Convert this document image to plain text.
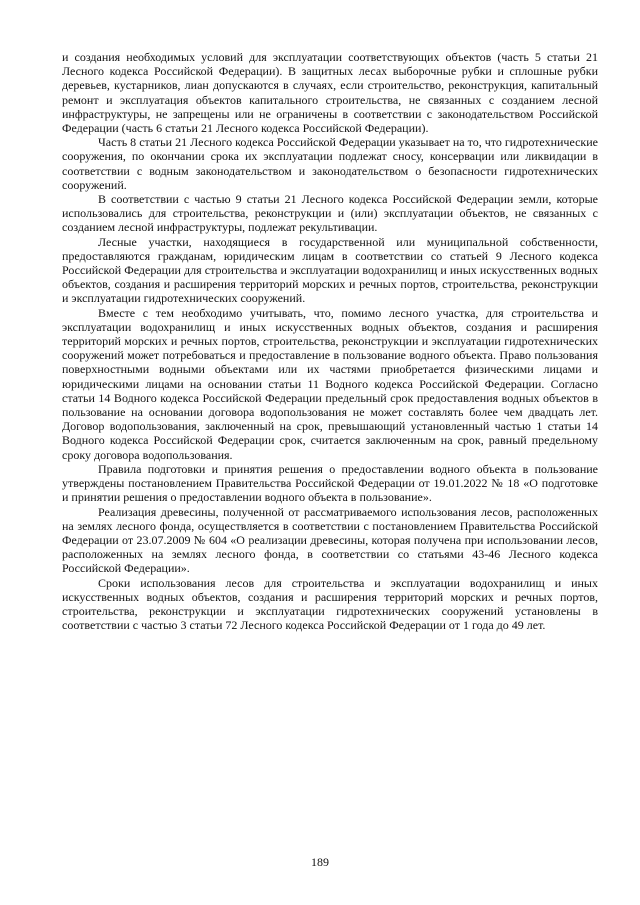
и создания необходимых условий для эксплуатации соответствующих объектов (часть 5 статьи 21 Лесного кодекса Российской Федерации). В защитных лесах выборочные рубки и сплошные рубки деревьев, кустарников, лиан допускаются в случаях, если строительство, реконструкция, капитальный ремонт и эксплуатация объектов капитального строительства, не связанных с созданием лесной инфраструктуры, не запрещены или не ограничены в соответствии с законодательством Российской Федерации (часть 6 статьи 21 Лесного кодекса Российской Федерации).

Часть 8 статьи 21 Лесного кодекса Российской Федерации указывает на то, что гидротехнические сооружения, по окончании срока их эксплуатации подлежат сносу, консервации или ликвидации в соответствии с водным законодательством и законодательством о безопасности гидротехнических сооружений.

В соответствии с частью 9 статьи 21 Лесного кодекса Российской Федерации земли, которые использовались для строительства, реконструкции и (или) эксплуатации объектов, не связанных с созданием лесной инфраструктуры, подлежат рекультивации.

Лесные участки, находящиеся в государственной или муниципальной собственности, предоставляются гражданам, юридическим лицам в соответствии со статьей 9 Лесного кодекса Российской Федерации для строительства и эксплуатации водохранилищ и иных искусственных водных объектов, создания и расширения территорий морских и речных портов, строительства, реконструкции и эксплуатации гидротехнических сооружений.

Вместе с тем необходимо учитывать, что, помимо лесного участка, для строительства и эксплуатации водохранилищ и иных искусственных водных объектов, создания и расширения территорий морских и речных портов, строительства, реконструкции и эксплуатации гидротехнических сооружений может потребоваться и предоставление в пользование водного объекта. Право пользования поверхностными водными объектами или их частями приобретается физическими лицами и юридическими лицами на основании статьи 11 Водного кодекса Российской Федерации. Согласно статьи 14 Водного кодекса Российской Федерации предельный срок предоставления водных объектов в пользование на основании договора водопользования не может составлять более чем двадцать лет. Договор водопользования, заключенный на срок, превышающий установленный частью 1 статьи 14 Водного кодекса Российской Федерации срок, считается заключенным на срок, равный предельному сроку договора водопользования.

Правила подготовки и принятия решения о предоставлении водного объекта в пользование утверждены постановлением Правительства Российской Федерации от 19.01.2022 № 18 «О подготовке и принятии решения о предоставлении водного объекта в пользование».

Реализация древесины, полученной от рассматриваемого использования лесов, расположенных на землях лесного фонда, осуществляется в соответствии с постановлением Правительства Российской Федерации от 23.07.2009 № 604 «О реализации древесины, которая получена при использовании лесов, расположенных на землях лесного фонда, в соответствии со статьями 43-46 Лесного кодекса Российской Федерации».

Сроки использования лесов для строительства и эксплуатации водохранилищ и иных искусственных водных объектов, создания и расширения территорий морских и речных портов, строительства, реконструкции и эксплуатации гидротехнических сооружений установлены в соответствии с частью 3 статьи 72 Лесного кодекса Российской Федерации от 1 года до 49 лет.

189
